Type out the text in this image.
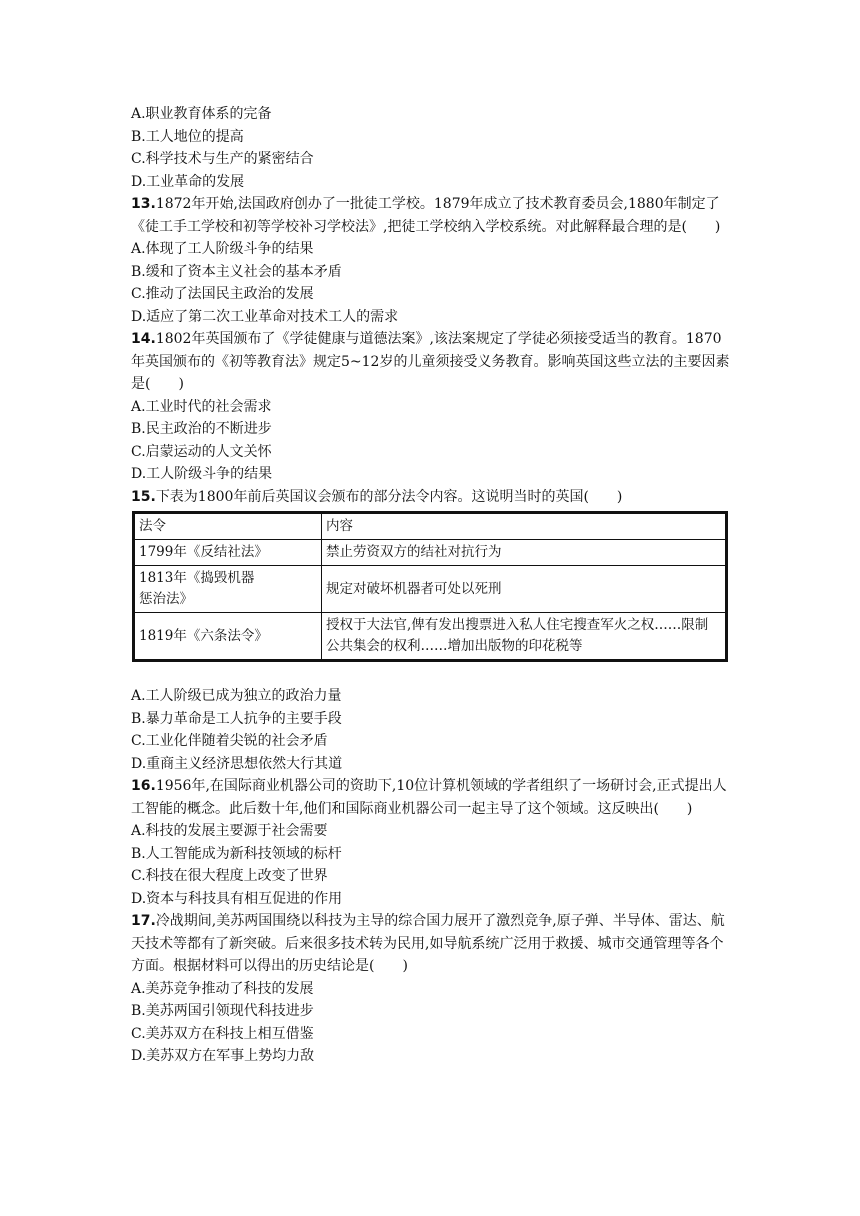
A.职业教育体系的完备
B.工人地位的提高
C.科学技术与生产的紧密结合
D.工业革命的发展
13.1872年开始,法国政府创办了一批徒工学校。1879年成立了技术教育委员会,1880年制定了《徒工手工学校和初等学校补习学校法》,把徒工学校纳入学校系统。对此解释最合理的是(　　)
A.体现了工人阶级斗争的结果
B.缓和了资本主义社会的基本矛盾
C.推动了法国民主政治的发展
D.适应了第二次工业革命对技术工人的需求
14.1802年英国颁布了《学徒健康与道德法案》,该法案规定了学徒必须接受适当的教育。1870年英国颁布的《初等教育法》规定5~12岁的儿童须接受义务教育。影响英国这些立法的主要因素是(　　)
A.工业时代的社会需求
B.民主政治的不断进步
C.启蒙运动的人文关怀
D.工人阶级斗争的结果
15.下表为1800年前后英国议会颁布的部分法令内容。这说明当时的英国(　　)
法令	内容
1799年《反结社法》	禁止劳资双方的结社对抗行为

1813年《捣毁机器惩治法》	规定对破坏机器者可处以死刑
1819年《六条法令》	授权于大法官,俾有发出搜票进入私人住宅搜查军火之权……限制公共集会的权利……增加出版物的印花税等
A.工人阶级已成为独立的政治力量
B.暴力革命是工人抗争的主要手段
C.工业化伴随着尖锐的社会矛盾
D.重商主义经济思想依然大行其道
16.1956年,在国际商业机器公司的资助下,10位计算机领域的学者组织了一场研讨会,正式提出人工智能的概念。此后数十年,他们和国际商业机器公司一起主导了这个领域。这反映出(　　)
A.科技的发展主要源于社会需要
B.人工智能成为新科技领域的标杆
C.科技在很大程度上改变了世界
D.资本与科技具有相互促进的作用
17.冷战期间,美苏两国围绕以科技为主导的综合国力展开了激烈竞争,原子弹、半导体、雷达、航天技术等都有了新突破。后来很多技术转为民用,如导航系统广泛用于救援、城市交通管理等各个方面。根据材料可以得出的历史结论是(　　)
A.美苏竞争推动了科技的发展
B.美苏两国引领现代科技进步
C.美苏双方在科技上相互借鉴
D.美苏双方在军事上势均力敌
